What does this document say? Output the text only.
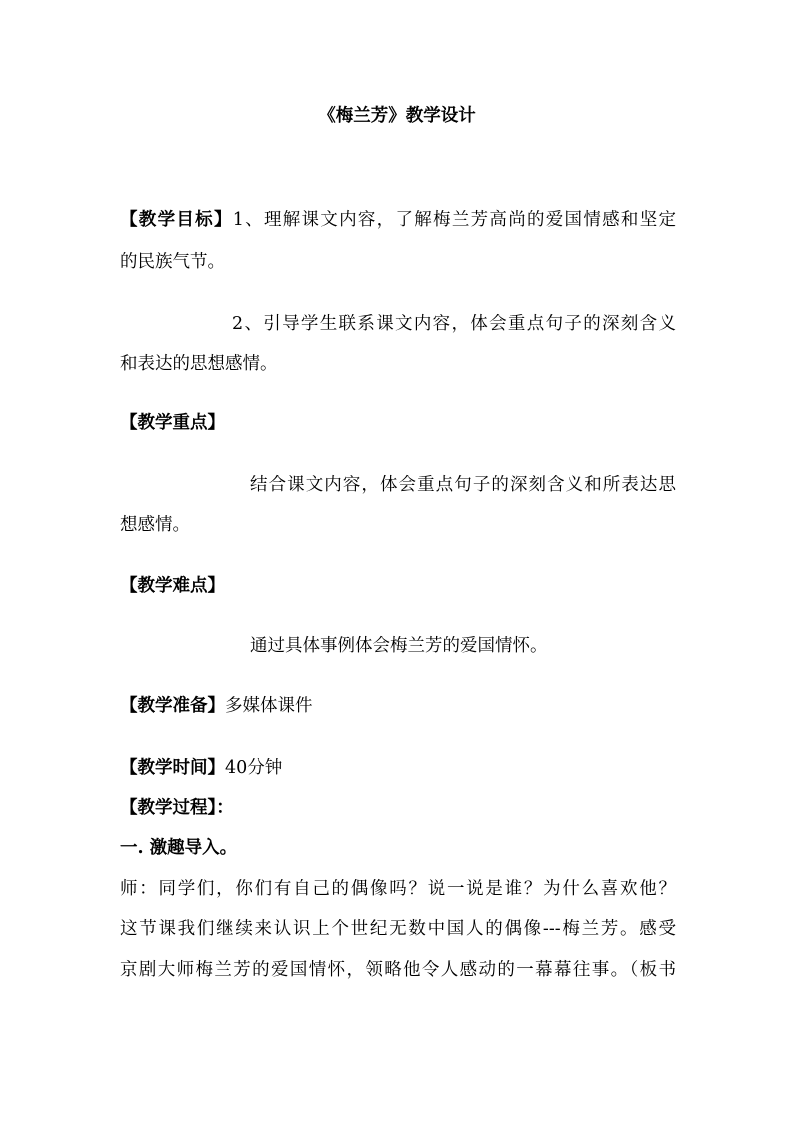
《梅兰芳》教学设计
【教学目标】1、理解课文内容，了解梅兰芳高尚的爱国情感和坚定
的民族气节。
2、引导学生联系课文内容，体会重点句子的深刻含义
和表达的思想感情。
【教学重点】
结合课文内容，体会重点句子的深刻含义和所表达思
想感情。
【教学难点】
通过具体事例体会梅兰芳的爱国情怀。
【教学准备】多媒体课件
【教学时间】40分钟
【教学过程】：
一. 激趣导入。
师：同学们，你们有自己的偶像吗？说一说是谁？为什么喜欢他？
这节课我们继续来认识上个世纪无数中国人的偶像---梅兰芳。感受
京剧大师梅兰芳的爱国情怀，领略他令人感动的一幕幕往事。（板书
